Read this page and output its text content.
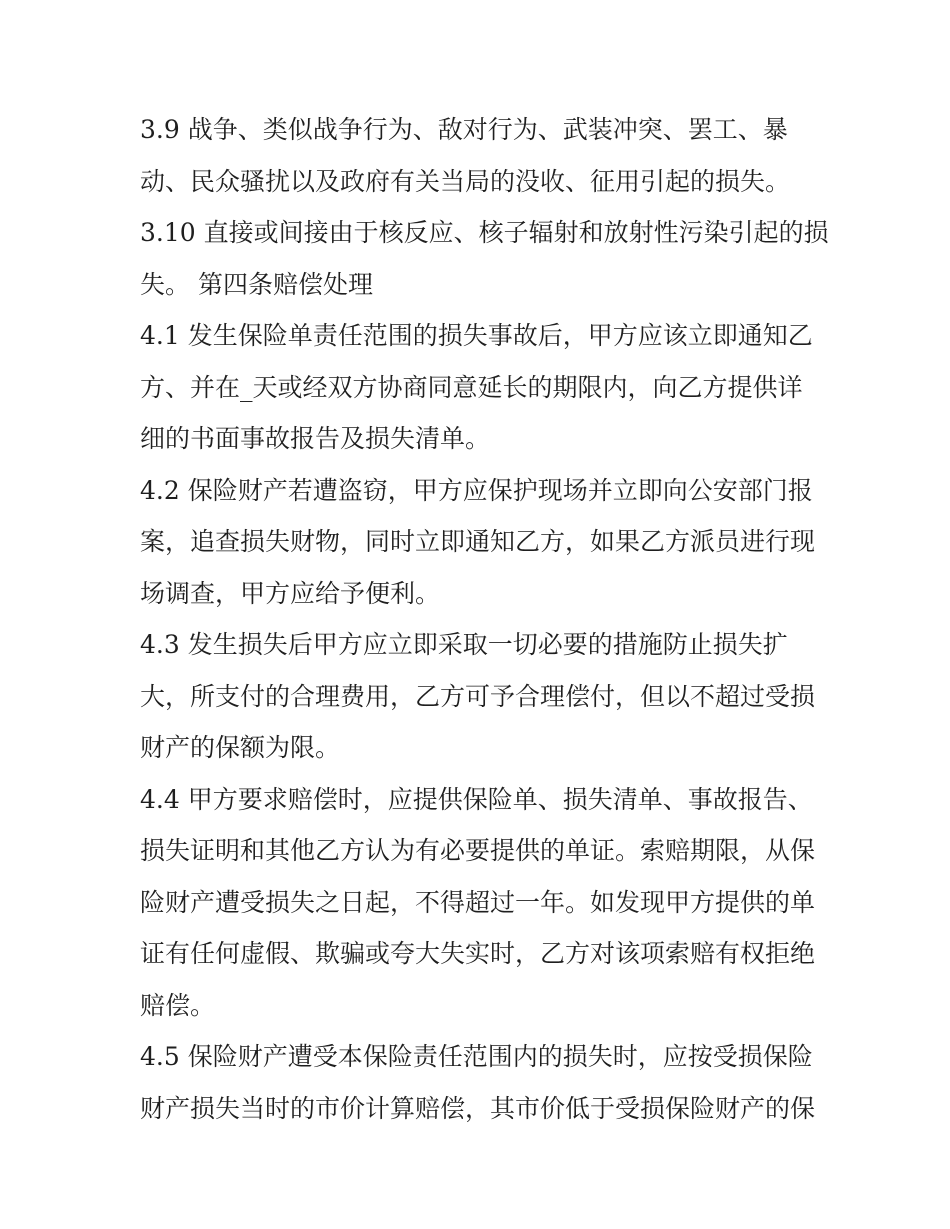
3.9 战争、类似战争行为、敌对行为、武装冲突、罢工、暴
动、民众骚扰以及政府有关当局的没收、征用引起的损失。
3.10 直接或间接由于核反应、核子辐射和放射性污染引起的损
失。 第四条赔偿处理
4.1 发生保险单责任范围的损失事故后，甲方应该立即通知乙
方、并在_天或经双方协商同意延长的期限内，向乙方提供详
细的书面事故报告及损失清单。
4.2 保险财产若遭盗窃，甲方应保护现场并立即向公安部门报
案，追查损失财物，同时立即通知乙方，如果乙方派员进行现
场调查，甲方应给予便利。
4.3 发生损失后甲方应立即采取一切必要的措施防止损失扩
大，所支付的合理费用，乙方可予合理偿付，但以不超过受损
财产的保额为限。
4.4 甲方要求赔偿时，应提供保险单、损失清单、事故报告、
损失证明和其他乙方认为有必要提供的单证。索赔期限，从保
险财产遭受损失之日起，不得超过一年。如发现甲方提供的单
证有任何虚假、欺骗或夸大失实时，乙方对该项索赔有权拒绝
赔偿。
4.5 保险财产遭受本保险责任范围内的损失时，应按受损保险
财产损失当时的市价计算赔偿，其市价低于受损保险财产的保
